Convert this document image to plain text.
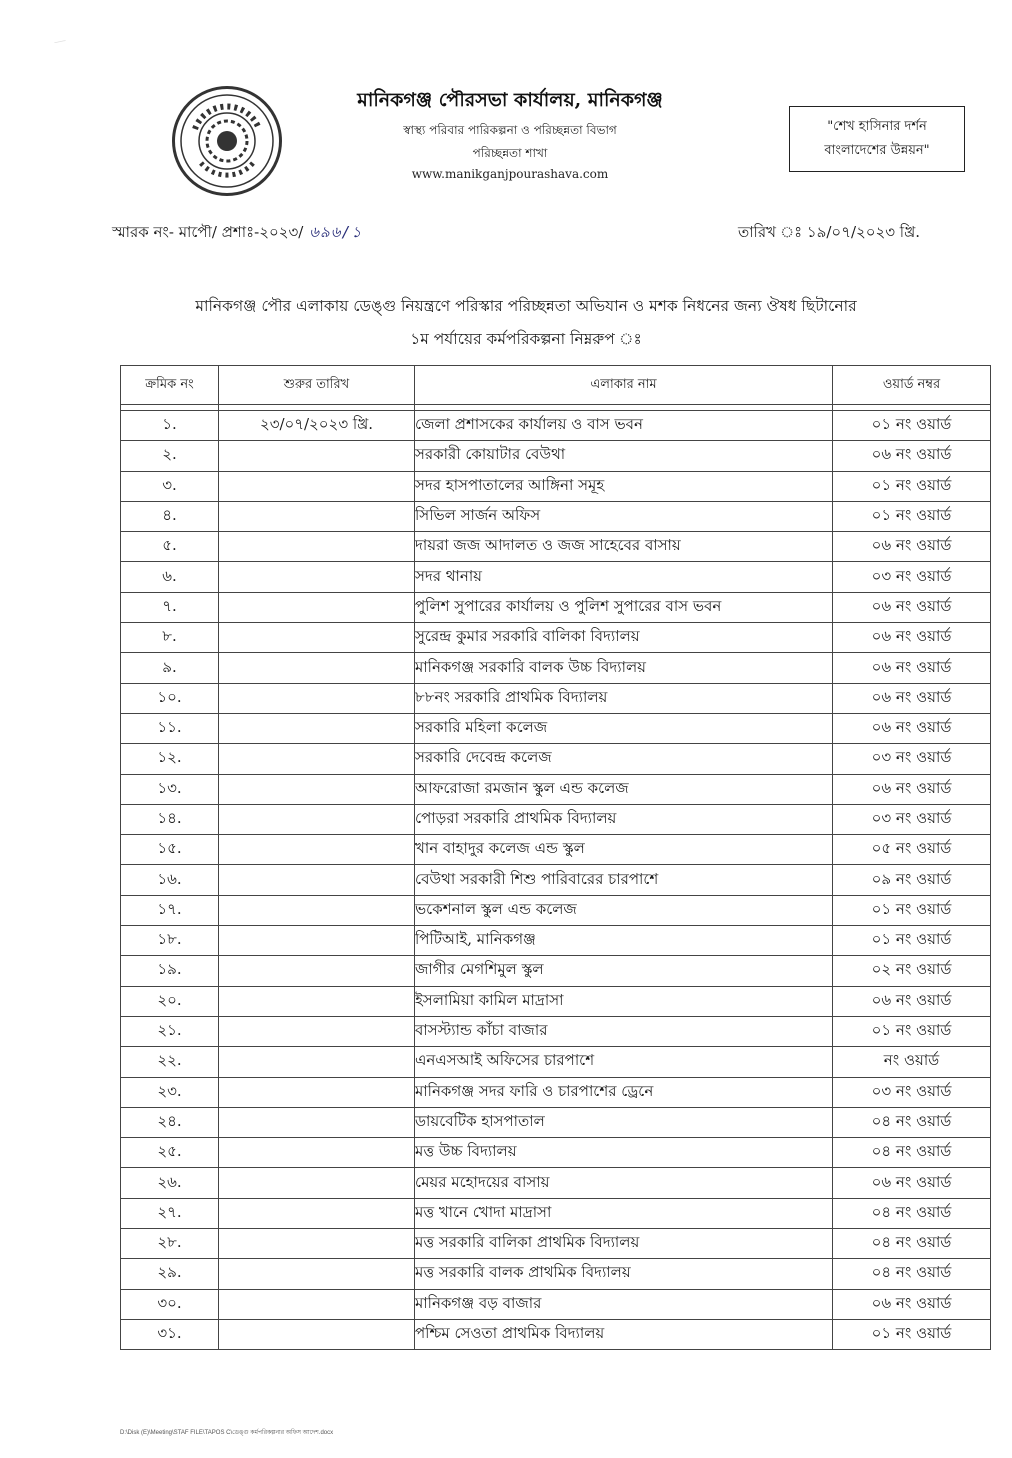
মানিকগঞ্জ পৌরসভা কার্যালয়, মানিকগঞ্জ
স্বাস্থ্য পরিবার পারিকল্পনা ও পরিচ্ছন্নতা বিভাগ
পরিচ্ছন্নতা শাখা
www.manikganjpourashava.com
"শেখ হাসিনার দর্শন
বাংলাদেশের উন্নয়ন"
স্মারক নং- মাপৌ/ প্রশাঃ-২০২৩/ ৬৯৬/১	তারিখ ঃ ১৯/০৭/২০২৩ খ্রি.
মানিকগঞ্জ পৌর এলাকায় ডেঙ্গু নিয়ন্ত্রণে পরিস্কার পরিচ্ছন্নতা অভিযান ও মশক নিধনের জন্য ঔষধ ছিটানোর
১ম পর্যায়ের কর্মপরিকল্পনা নিম্নরুপ ঃ
ক্রমিক নং	শুরুর তারিখ	এলাকার নাম	ওয়ার্ড নম্বর

১.	২৩/০৭/২০২৩ খ্রি.	জেলা প্রশাসকের কার্যালয় ও বাস ভবন	০১ নং ওয়ার্ড
২.		সরকারী কোয়াটার বেউথা	০৬ নং ওয়ার্ড
৩.		সদর হাসপাতালের আঙ্গিনা সমূহ	০১ নং ওয়ার্ড
৪.		সিভিল সার্জন অফিস	০১ নং ওয়ার্ড
৫.		দায়রা জজ আদালত ও জজ সাহেবের বাসায়	০৬ নং ওয়ার্ড
৬.		সদর থানায়	০৩ নং ওয়ার্ড
৭.		পুলিশ সুপারের কার্যালয় ও পুলিশ সুপারের বাস ভবন	০৬ নং ওয়ার্ড
৮.		সুরেন্দ্র কুমার সরকারি বালিকা বিদ্যালয়	০৬ নং ওয়ার্ড
৯.		মানিকগঞ্জ সরকারি বালক উচ্চ বিদ্যালয়	০৬ নং ওয়ার্ড
১০.		৮৮নং সরকারি প্রাথমিক বিদ্যালয়	০৬ নং ওয়ার্ড
১১.		সরকারি মহিলা কলেজ	০৬ নং ওয়ার্ড
১২.		সরকারি দেবেন্দ্র কলেজ	০৩ নং ওয়ার্ড
১৩.		আফরোজা রমজান স্কুল এন্ড কলেজ	০৬ নং ওয়ার্ড
১৪.		পোড়রা সরকারি প্রাথমিক বিদ্যালয়	০৩ নং ওয়ার্ড
১৫.		খান বাহাদুর কলেজ এন্ড স্কুল	০৫ নং ওয়ার্ড
১৬.		বেউথা সরকারী শিশু পারিবারের চারপাশে	০৯ নং ওয়ার্ড
১৭.		ভকেশনাল স্কুল এন্ড কলেজ	০১ নং ওয়ার্ড
১৮.		পিটিআই, মানিকগঞ্জ	০১ নং ওয়ার্ড
১৯.		জাগীর মেগশিমুল স্কুল	০২ নং ওয়ার্ড
২০.		ইসলামিয়া কামিল মাদ্রাসা	০৬ নং ওয়ার্ড
২১.		বাসস্ট্যান্ড কাঁচা বাজার	০১ নং ওয়ার্ড
২২.		এনএসআই অফিসের চারপাশে	নং ওয়ার্ড
২৩.		মানিকগঞ্জ সদর ফারি ও চারপাশের ড্রেনে	০৩ নং ওয়ার্ড
২৪.		ডায়বেটিক হাসপাতাল	০৪ নং ওয়ার্ড
২৫.		মত্ত উচ্চ বিদ্যালয়	০৪ নং ওয়ার্ড
২৬.		মেয়র মহোদয়ের বাসায়	০৬ নং ওয়ার্ড
২৭.		মত্ত খানে খোদা মাদ্রাসা	০৪ নং ওয়ার্ড
২৮.		মত্ত সরকারি বালিকা প্রাথমিক বিদ্যালয়	০৪ নং ওয়ার্ড
২৯.		মত্ত সরকারি বালক প্রাথমিক বিদ্যালয়	০৪ নং ওয়ার্ড
৩০.		মানিকগঞ্জ বড় বাজার	০৬ নং ওয়ার্ড
৩১.		পশ্চিম সেওতা প্রাথমিক বিদ্যালয়	০১ নং ওয়ার্ড
D:\Disk (E)\Meeting\STAF FILE\TAPOS C\ডেঙ্গু কর্মপরিকল্পনার অফিস আদেশ.docx
